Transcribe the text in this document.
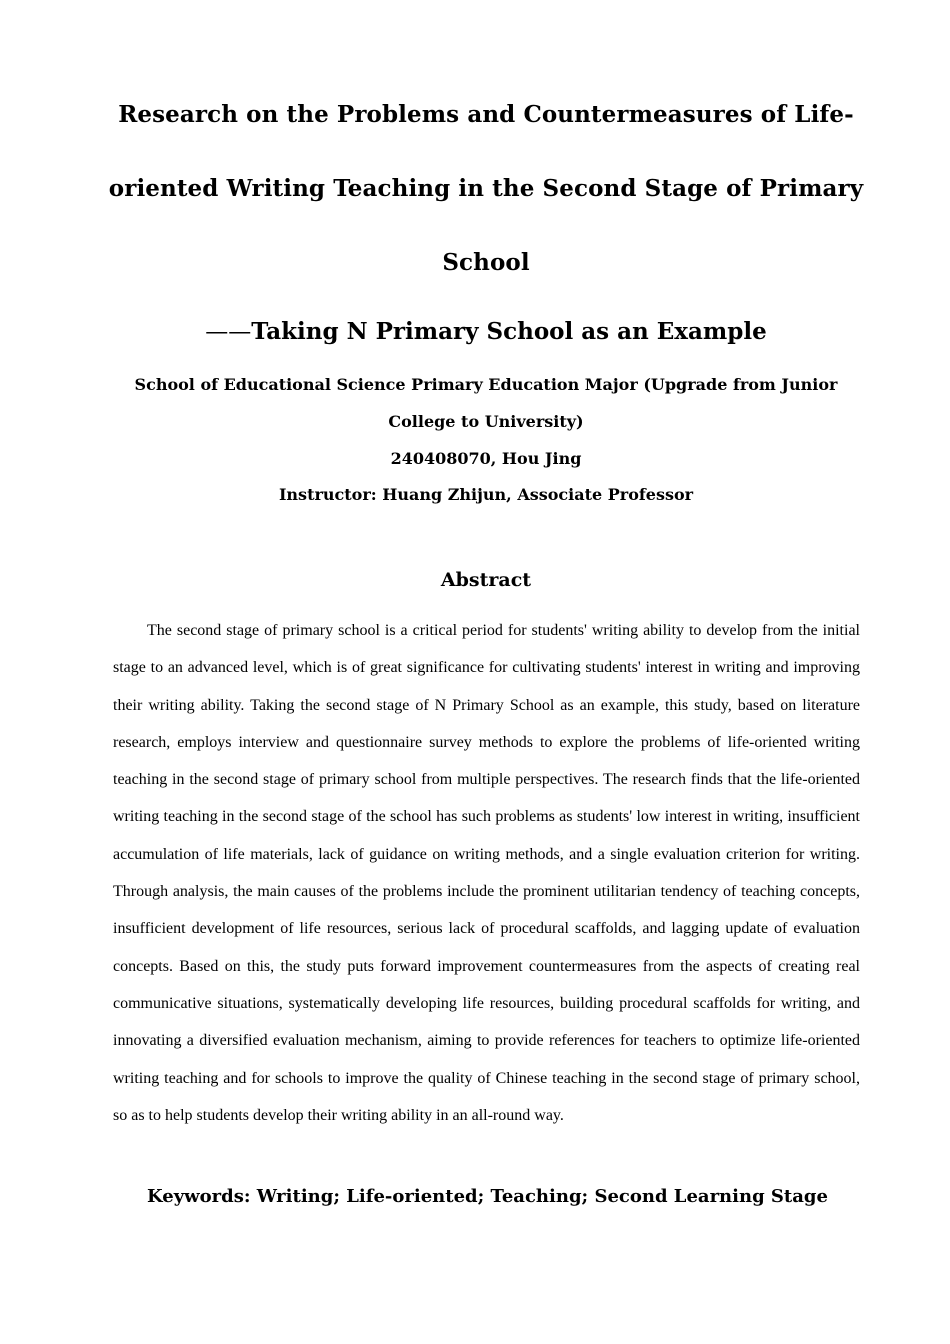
Research on the Problems and Countermeasures of Life-oriented Writing Teaching in the Second Stage of Primary School
——Taking N Primary School as an Example

School of Educational Science Primary Education Major (Upgrade from Junior College to University)

240408070, Hou Jing

Instructor: Huang Zhijun, Associate Professor

Abstract

The second stage of primary school is a critical period for students' writing ability to develop from the initial stage to an advanced level, which is of great significance for cultivating students' interest in writing and improving their writing ability. Taking the second stage of N Primary School as an example, this study, based on literature research, employs interview and questionnaire survey methods to explore the problems of life-oriented writing teaching in the second stage of primary school from multiple perspectives. The research finds that the life-oriented writing teaching in the second stage of the school has such problems as students' low interest in writing, insufficient accumulation of life materials, lack of guidance on writing methods, and a single evaluation criterion for writing. Through analysis, the main causes of the problems include the prominent utilitarian tendency of teaching concepts, insufficient development of life resources, serious lack of procedural scaffolds, and lagging update of evaluation concepts. Based on this, the study puts forward improvement countermeasures from the aspects of creating real communicative situations, systematically developing life resources, building procedural scaffolds for writing, and innovating a diversified evaluation mechanism, aiming to provide references for teachers to optimize life-oriented writing teaching and for schools to improve the quality of Chinese teaching in the second stage of primary school, so as to help students develop their writing ability in an all-round way.

Keywords: Writing; Life-oriented; Teaching; Second Learning Stage
